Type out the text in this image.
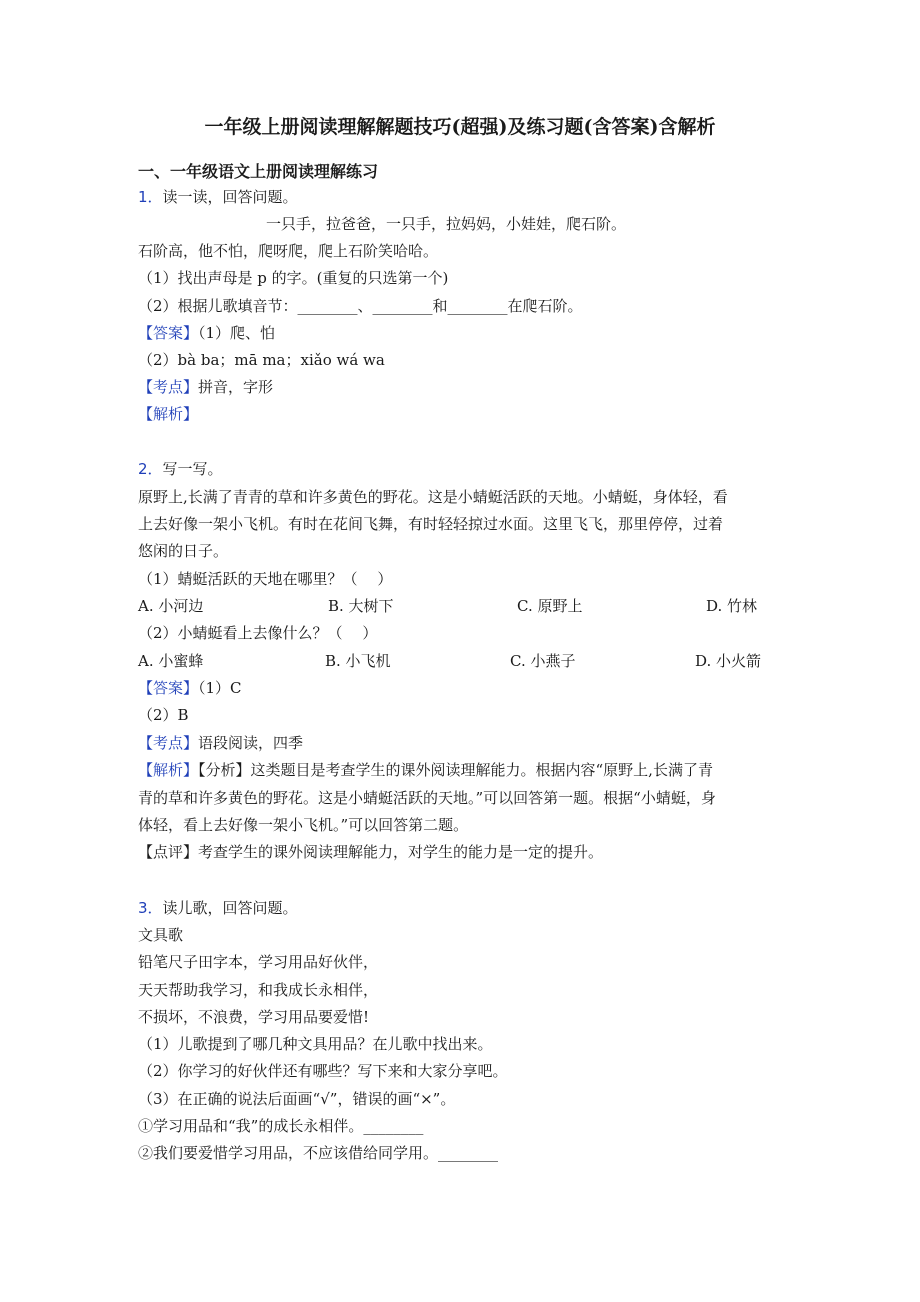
一年级上册阅读理解解题技巧(超强)及练习题(含答案)含解析
一、一年级语文上册阅读理解练习
1．读一读，回答问题。
一只手，拉爸爸，一只手，拉妈妈，小娃娃，爬石阶。
石阶高，他不怕，爬呀爬，爬上石阶笑哈哈。
（1）找出声母是 p 的字。(重复的只选第一个)
（2）根据儿歌填音节：________、________和________在爬石阶。
【答案】（1）爬、怕
（2）bà ba；mā ma；xiǎo wá wa
【考点】拼音，字形
【解析】
2．写一写。
原野上,长满了青青的草和许多黄色的野花。这是小蜻蜓活跃的天地。小蜻蜓，身体轻，看
上去好像一架小飞机。有时在花间飞舞，有时轻轻掠过水面。这里飞飞，那里停停，过着
悠闲的日子。
（1）蜻蜓活跃的天地在哪里？（　 ）
A. 小河边	B. 大树下	C. 原野上	D. 竹林
（2）小蜻蜓看上去像什么？（　 ）
A. 小蜜蜂	B. 小飞机	C. 小燕子	D. 小火箭
【答案】（1）C
（2）B
【考点】语段阅读，四季
【解析】【分析】这类题目是考查学生的课外阅读理解能力。根据内容“原野上,长满了青
青的草和许多黄色的野花。这是小蜻蜓活跃的天地。”可以回答第一题。根据“小蜻蜓，身
体轻，看上去好像一架小飞机。”可以回答第二题。
【点评】考查学生的课外阅读理解能力，对学生的能力是一定的提升。
3．读儿歌，回答问题。
文具歌
铅笔尺子田字本，学习用品好伙伴，
天天帮助我学习，和我成长永相伴，
不损坏，不浪费，学习用品要爱惜!
（1）儿歌提到了哪几种文具用品？在儿歌中找出来。
（2）你学习的好伙伴还有哪些？写下来和大家分享吧。
（3）在正确的说法后面画“√”，错误的画“×”。
①学习用品和“我”的成长永相伴。________
②我们要爱惜学习用品，不应该借给同学用。________
